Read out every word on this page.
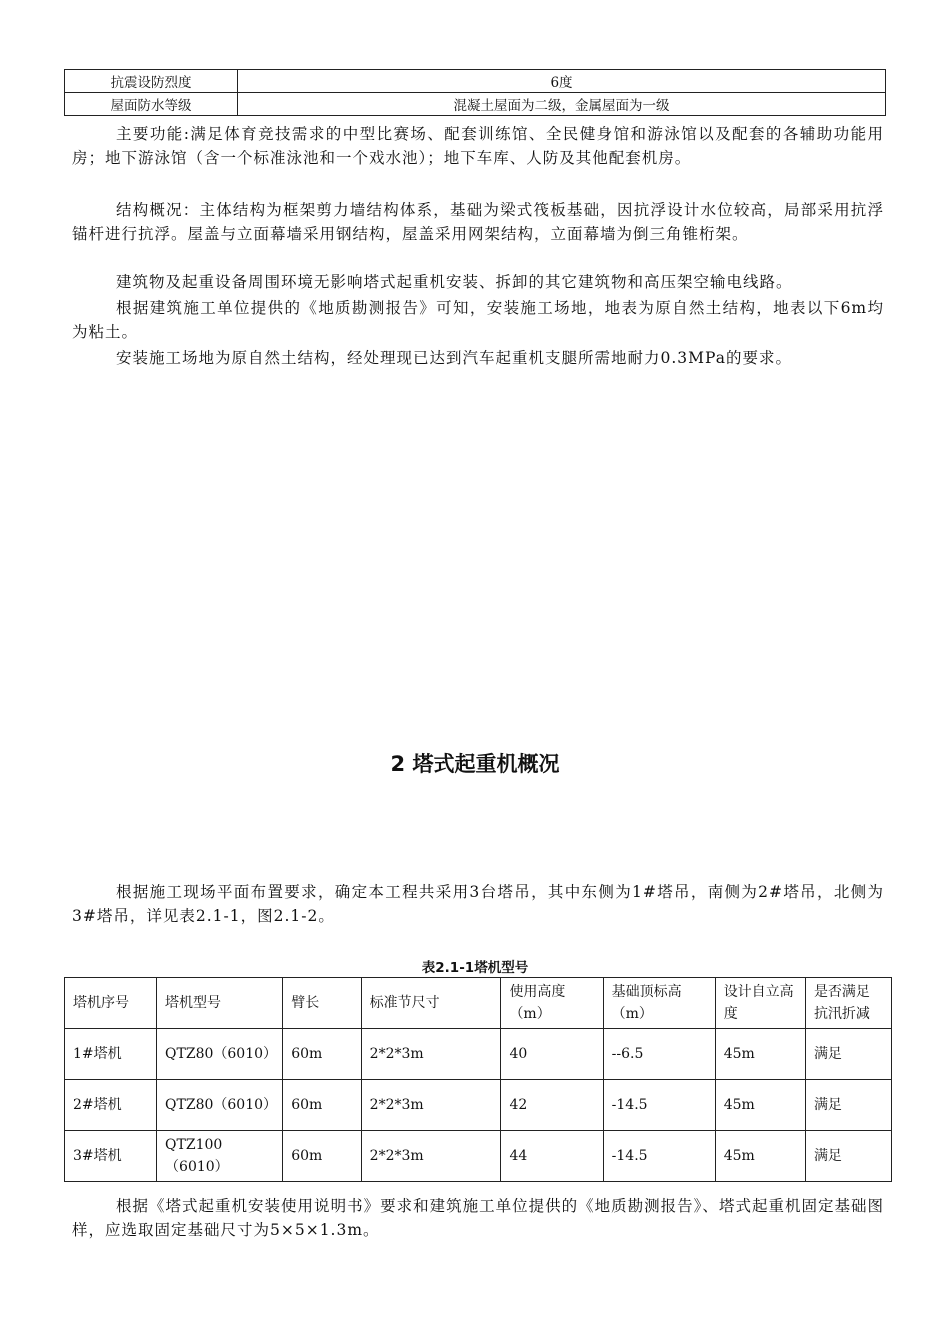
抗震设防烈度	6度
屋面防水等级	混凝土屋面为二级，金属屋面为一级

主要功能:满足体育竞技需求的中型比赛场、配套训练馆、全民健身馆和游泳馆以及配套的各辅助功能用房；地下游泳馆（含一个标准泳池和一个戏水池）；地下车库、人防及其他配套机房。

结构概况：主体结构为框架剪力墙结构体系，基础为梁式筏板基础，因抗浮设计水位较高，局部采用抗浮锚杆进行抗浮。屋盖与立面幕墙采用钢结构，屋盖采用网架结构，立面幕墙为倒三角锥桁架。

建筑物及起重设备周围环境无影响塔式起重机安装、拆卸的其它建筑物和高压架空输电线路。

根据建筑施工单位提供的《地质勘测报告》可知，安装施工场地，地表为原自然土结构，地表以下6m均为粘土。

安装施工场地为原自然土结构，经处理现已达到汽车起重机支腿所需地耐力0.3MPa的要求。

2 塔式起重机概况

根据施工现场平面布置要求，确定本工程共采用3台塔吊，其中东侧为1#塔吊，南侧为2#塔吊，北侧为3#塔吊，详见表2.1-1，图2.1-2。

表2.1-1塔机型号
塔机序号	塔机型号	臂长	标准节尺寸	使用高度（m）	基础顶标高（m）	设计自立高度	是否满足抗汛折减
1#塔机	QTZ80（6010）	60m	2*2*3m	40	--6.5	45m	满足
2#塔机	QTZ80（6010）	60m	2*2*3m	42	-14.5	45m	满足
3#塔机	QTZ100（6010）	60m	2*2*3m	44	-14.5	45m	满足

根据《塔式起重机安装使用说明书》要求和建筑施工单位提供的《地质勘测报告》、塔式起重机固定基础图样，应选取固定基础尺寸为5×5×1.3m。
